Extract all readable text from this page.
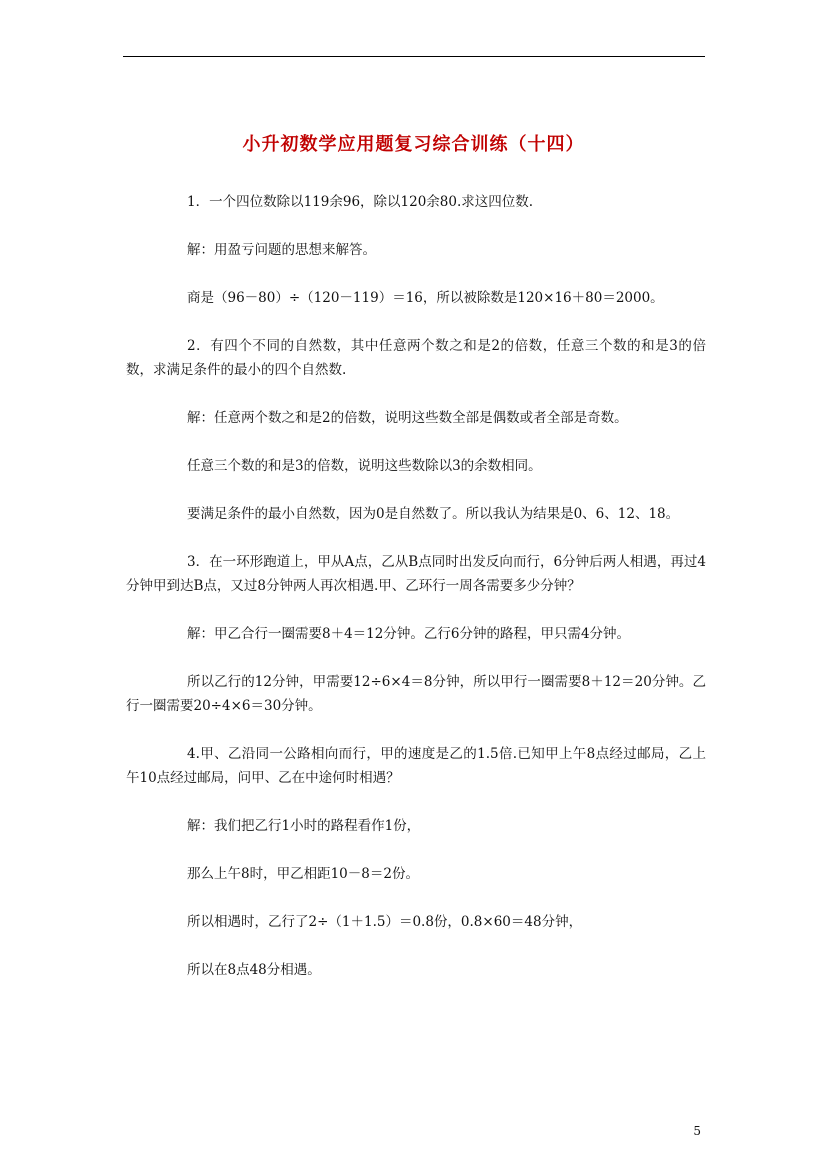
小升初数学应用题复习综合训练（十四）

1．一个四位数除以119余96，除以120余80.求这四位数.

解：用盈亏问题的思想来解答。

商是（96－80）÷（120－119）＝16，所以被除数是120×16＋80＝2000。

2．有四个不同的自然数，其中任意两个数之和是2的倍数，任意三个数的和是3的倍数，求满足条件的最小的四个自然数.

解：任意两个数之和是2的倍数，说明这些数全部是偶数或者全部是奇数。

任意三个数的和是3的倍数，说明这些数除以3的余数相同。

要满足条件的最小自然数，因为0是自然数了。所以我认为结果是0、6、12、18。

3．在一环形跑道上，甲从A点，乙从B点同时出发反向而行，6分钟后两人相遇，再过4分钟甲到达B点，又过8分钟两人再次相遇.甲、乙环行一周各需要多少分钟？

解：甲乙合行一圈需要8＋4＝12分钟。乙行6分钟的路程，甲只需4分钟。

所以乙行的12分钟，甲需要12÷6×4＝8分钟，所以甲行一圈需要8＋12＝20分钟。乙行一圈需要20÷4×6＝30分钟。

4.甲、乙沿同一公路相向而行，甲的速度是乙的1.5倍.已知甲上午8点经过邮局，乙上午10点经过邮局，问甲、乙在中途何时相遇？

解：我们把乙行1小时的路程看作1份，

那么上午8时，甲乙相距10－8＝2份。

所以相遇时，乙行了2÷（1＋1.5）＝0.8份，0.8×60＝48分钟，

所以在8点48分相遇。

5
